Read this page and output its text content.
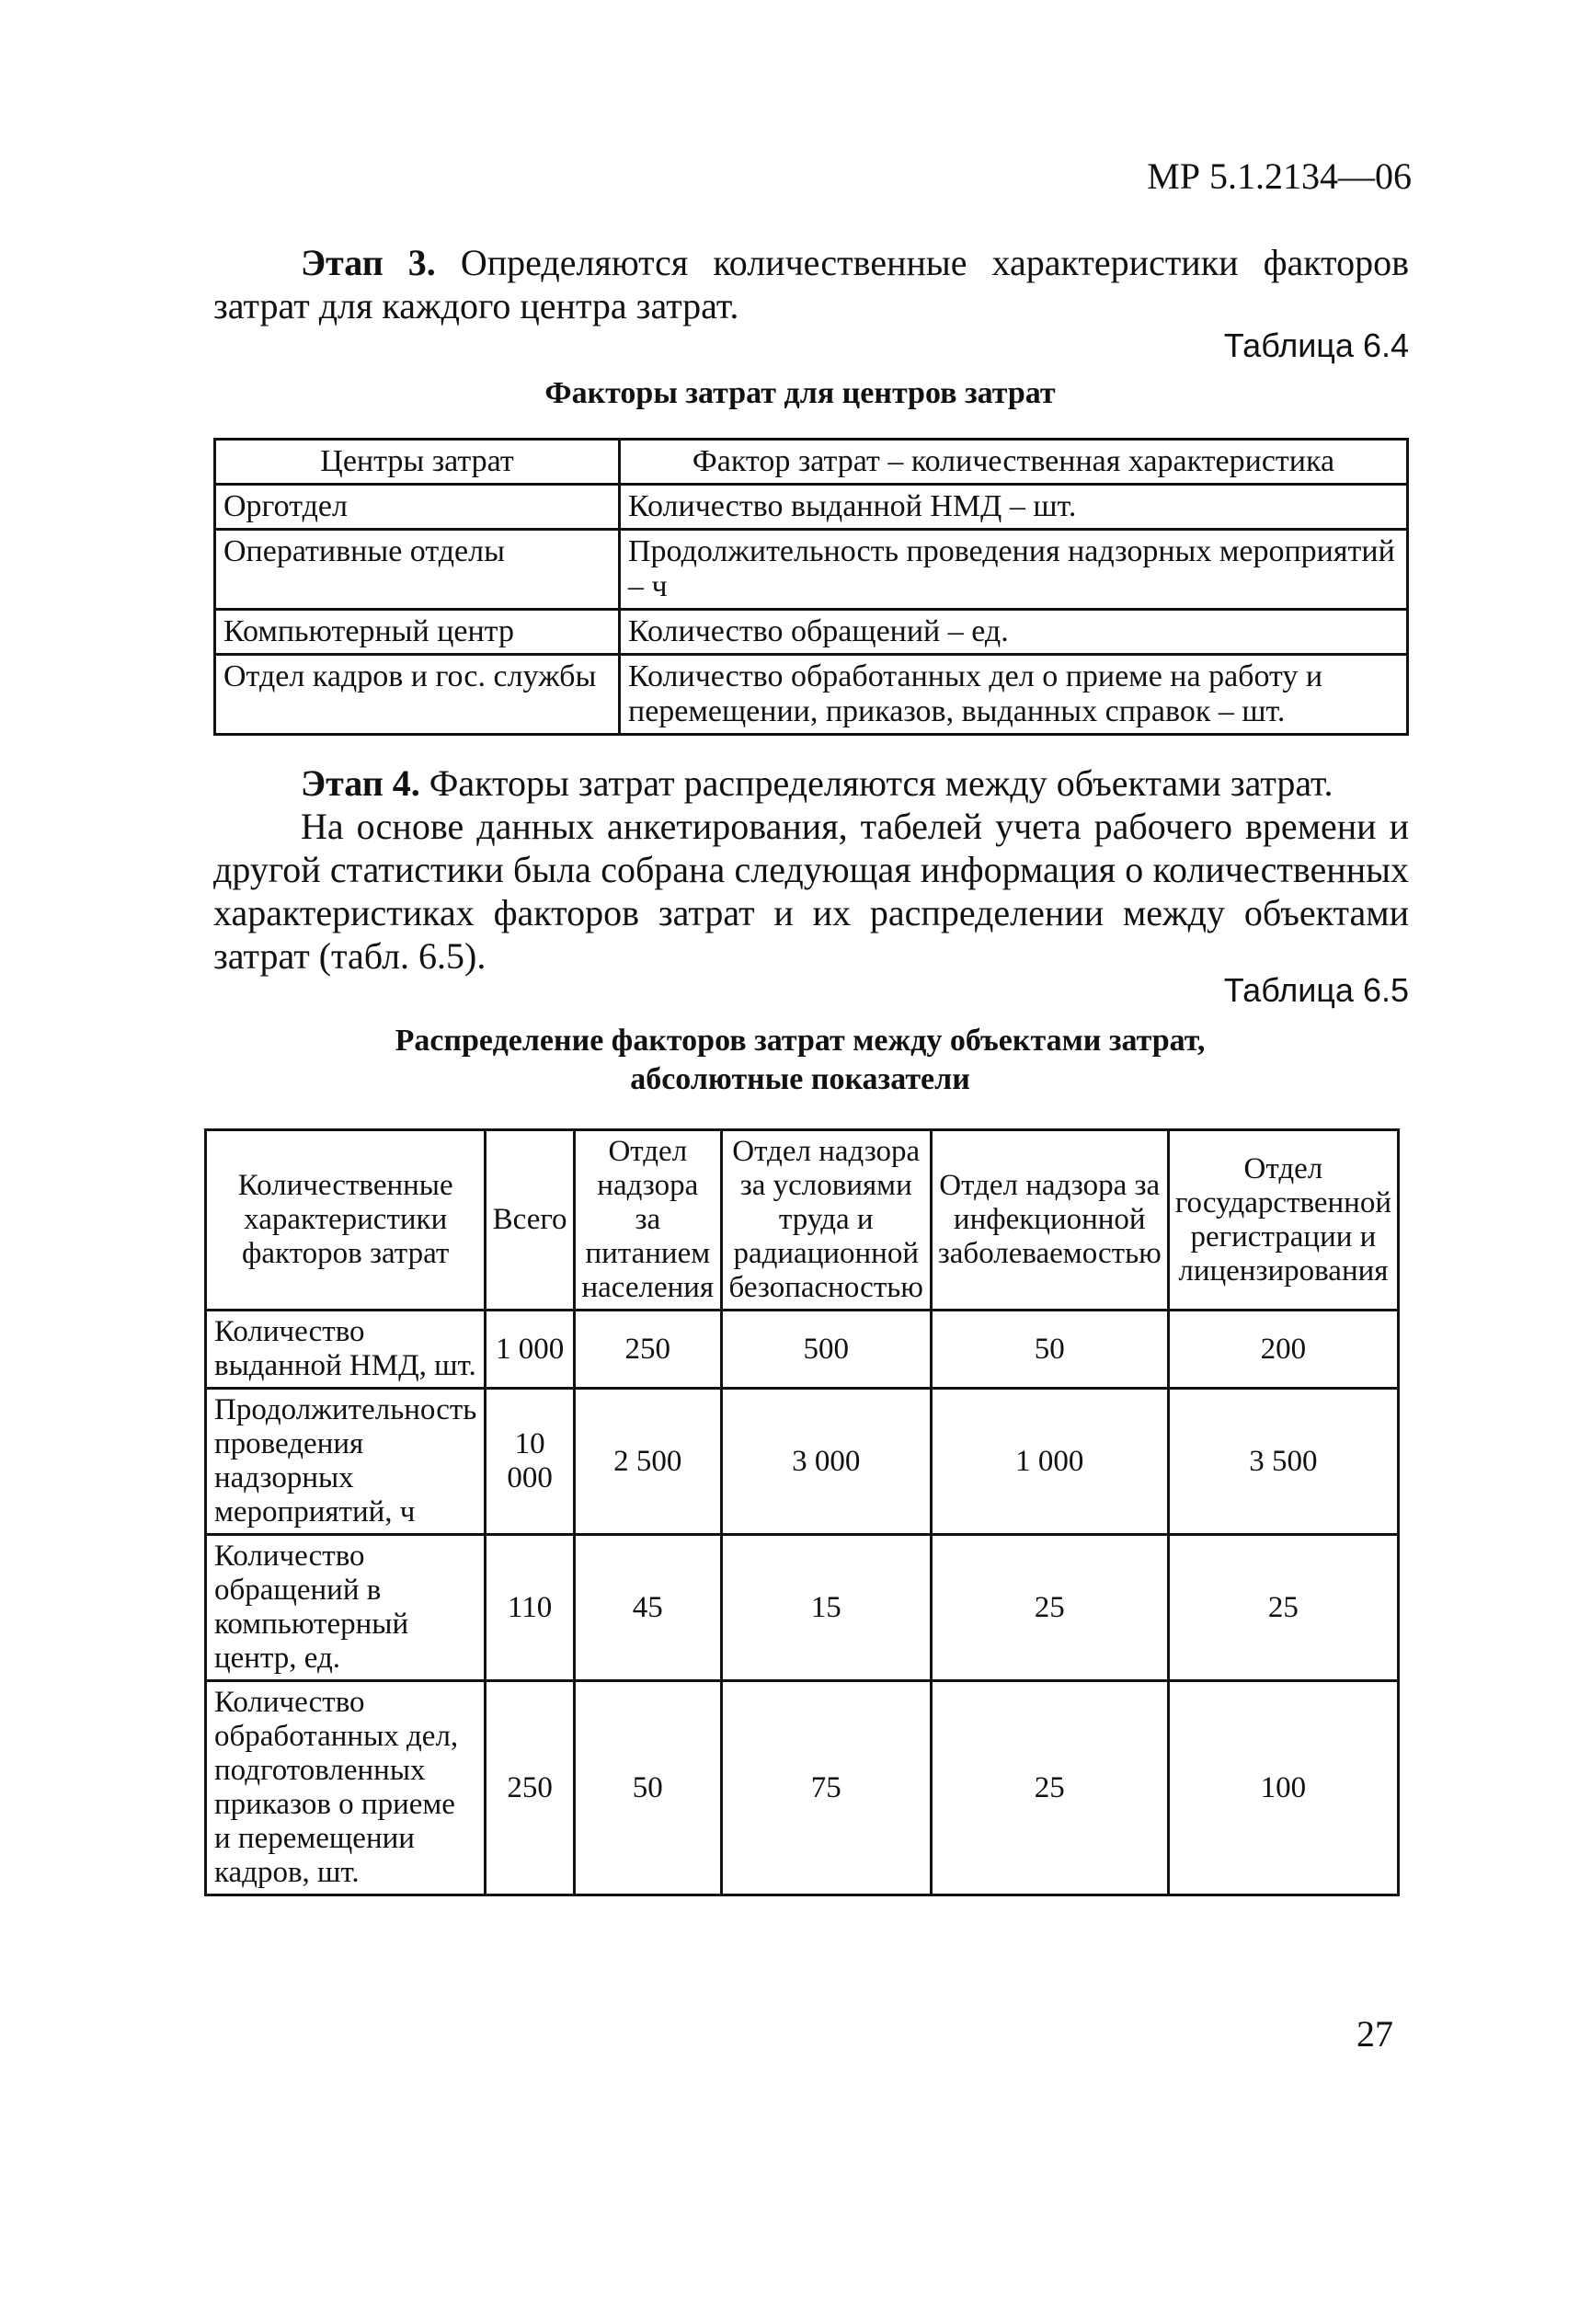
МР 5.1.2134—06
Этап 3. Определяются количественные характеристики факторов затрат для каждого центра затрат.
Таблица 6.4
Факторы затрат для центров затрат
Центры затрат	Фактор затрат – количественная характеристика
Орготдел	Количество выданной НМД – шт.
Оперативные отделы	Продолжительность проведения надзорных мероприятий – ч
Компьютерный центр	Количество обращений – ед.
Отдел кадров и гос. службы	Количество обработанных дел о приеме на работу и перемещении, приказов, выданных справок – шт.
Этап 4. Факторы затрат распределяются между объектами затрат.
На основе данных анкетирования, табелей учета рабочего времени и другой статистики была собрана следующая информация о количественных характеристиках факторов затрат и их распределении между объектами затрат (табл. 6.5).
Таблица 6.5
Распределение факторов затрат между объектами затрат,
абсолютные показатели
Количественные характеристики факторов затрат	Всего	Отдел надзора за питанием населения	Отдел надзора за условиями труда и радиационной безопасностью	Отдел надзора за инфекционной заболеваемостью	Отдел государственной регистрации и лицензирования
Количество выданной НМД, шт.	1 000	250	500	50	200
Продолжительность проведения надзорных мероприятий, ч	10 000	2 500	3 000	1 000	3 500
Количество обращений в компьютерный центр, ед.	110	45	15	25	25
Количество обработанных дел, подготовленных приказов о приеме и перемещении кадров, шт.	250	50	75	25	100
27
